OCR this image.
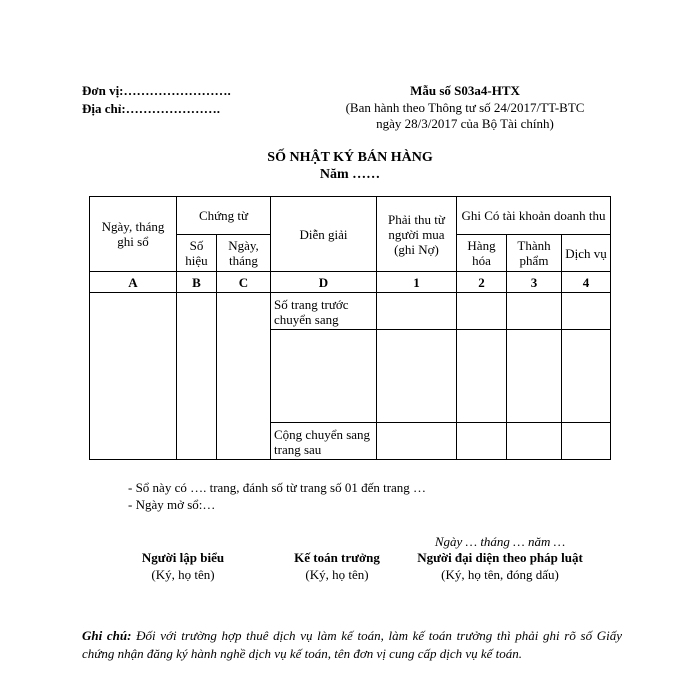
Đơn vị:…………………….
Địa chỉ:………………….
Mẫu số S03a4-HTX
(Ban hành theo Thông tư số 24/2017/TT-BTC
ngày 28/3/2017 của Bộ Tài chính)
SỐ NHẬT KÝ BÁN HÀNG
Năm ……
Ngày, tháng ghi sổ	Chứng từ		Diễn giải	Phải thu từ người mua (ghi Nợ)	Ghi Có tài khoản doanh thu		
	Số hiệu	Ngày, tháng			Hàng hóa	Thành phẩm	Dịch vụ
A	B	C	D	1	2	3	4
			Số trang trước chuyển sang				

			Cộng chuyển sang trang sau				
- Sổ này có …. trang, đánh số từ trang số 01 đến trang …
- Ngày mở sổ:…
Ngày … tháng … năm …
Người lập biểu
(Ký, họ tên)
Kế toán trưởng
(Ký, họ tên)
Người đại diện theo pháp luật
(Ký, họ tên, đóng dấu)
Ghi chú: Đối với trường hợp thuê dịch vụ làm kế toán, làm kế toán trưởng thì phải ghi rõ số Giấy chứng nhận đăng ký hành nghề dịch vụ kế toán, tên đơn vị cung cấp dịch vụ kế toán.
